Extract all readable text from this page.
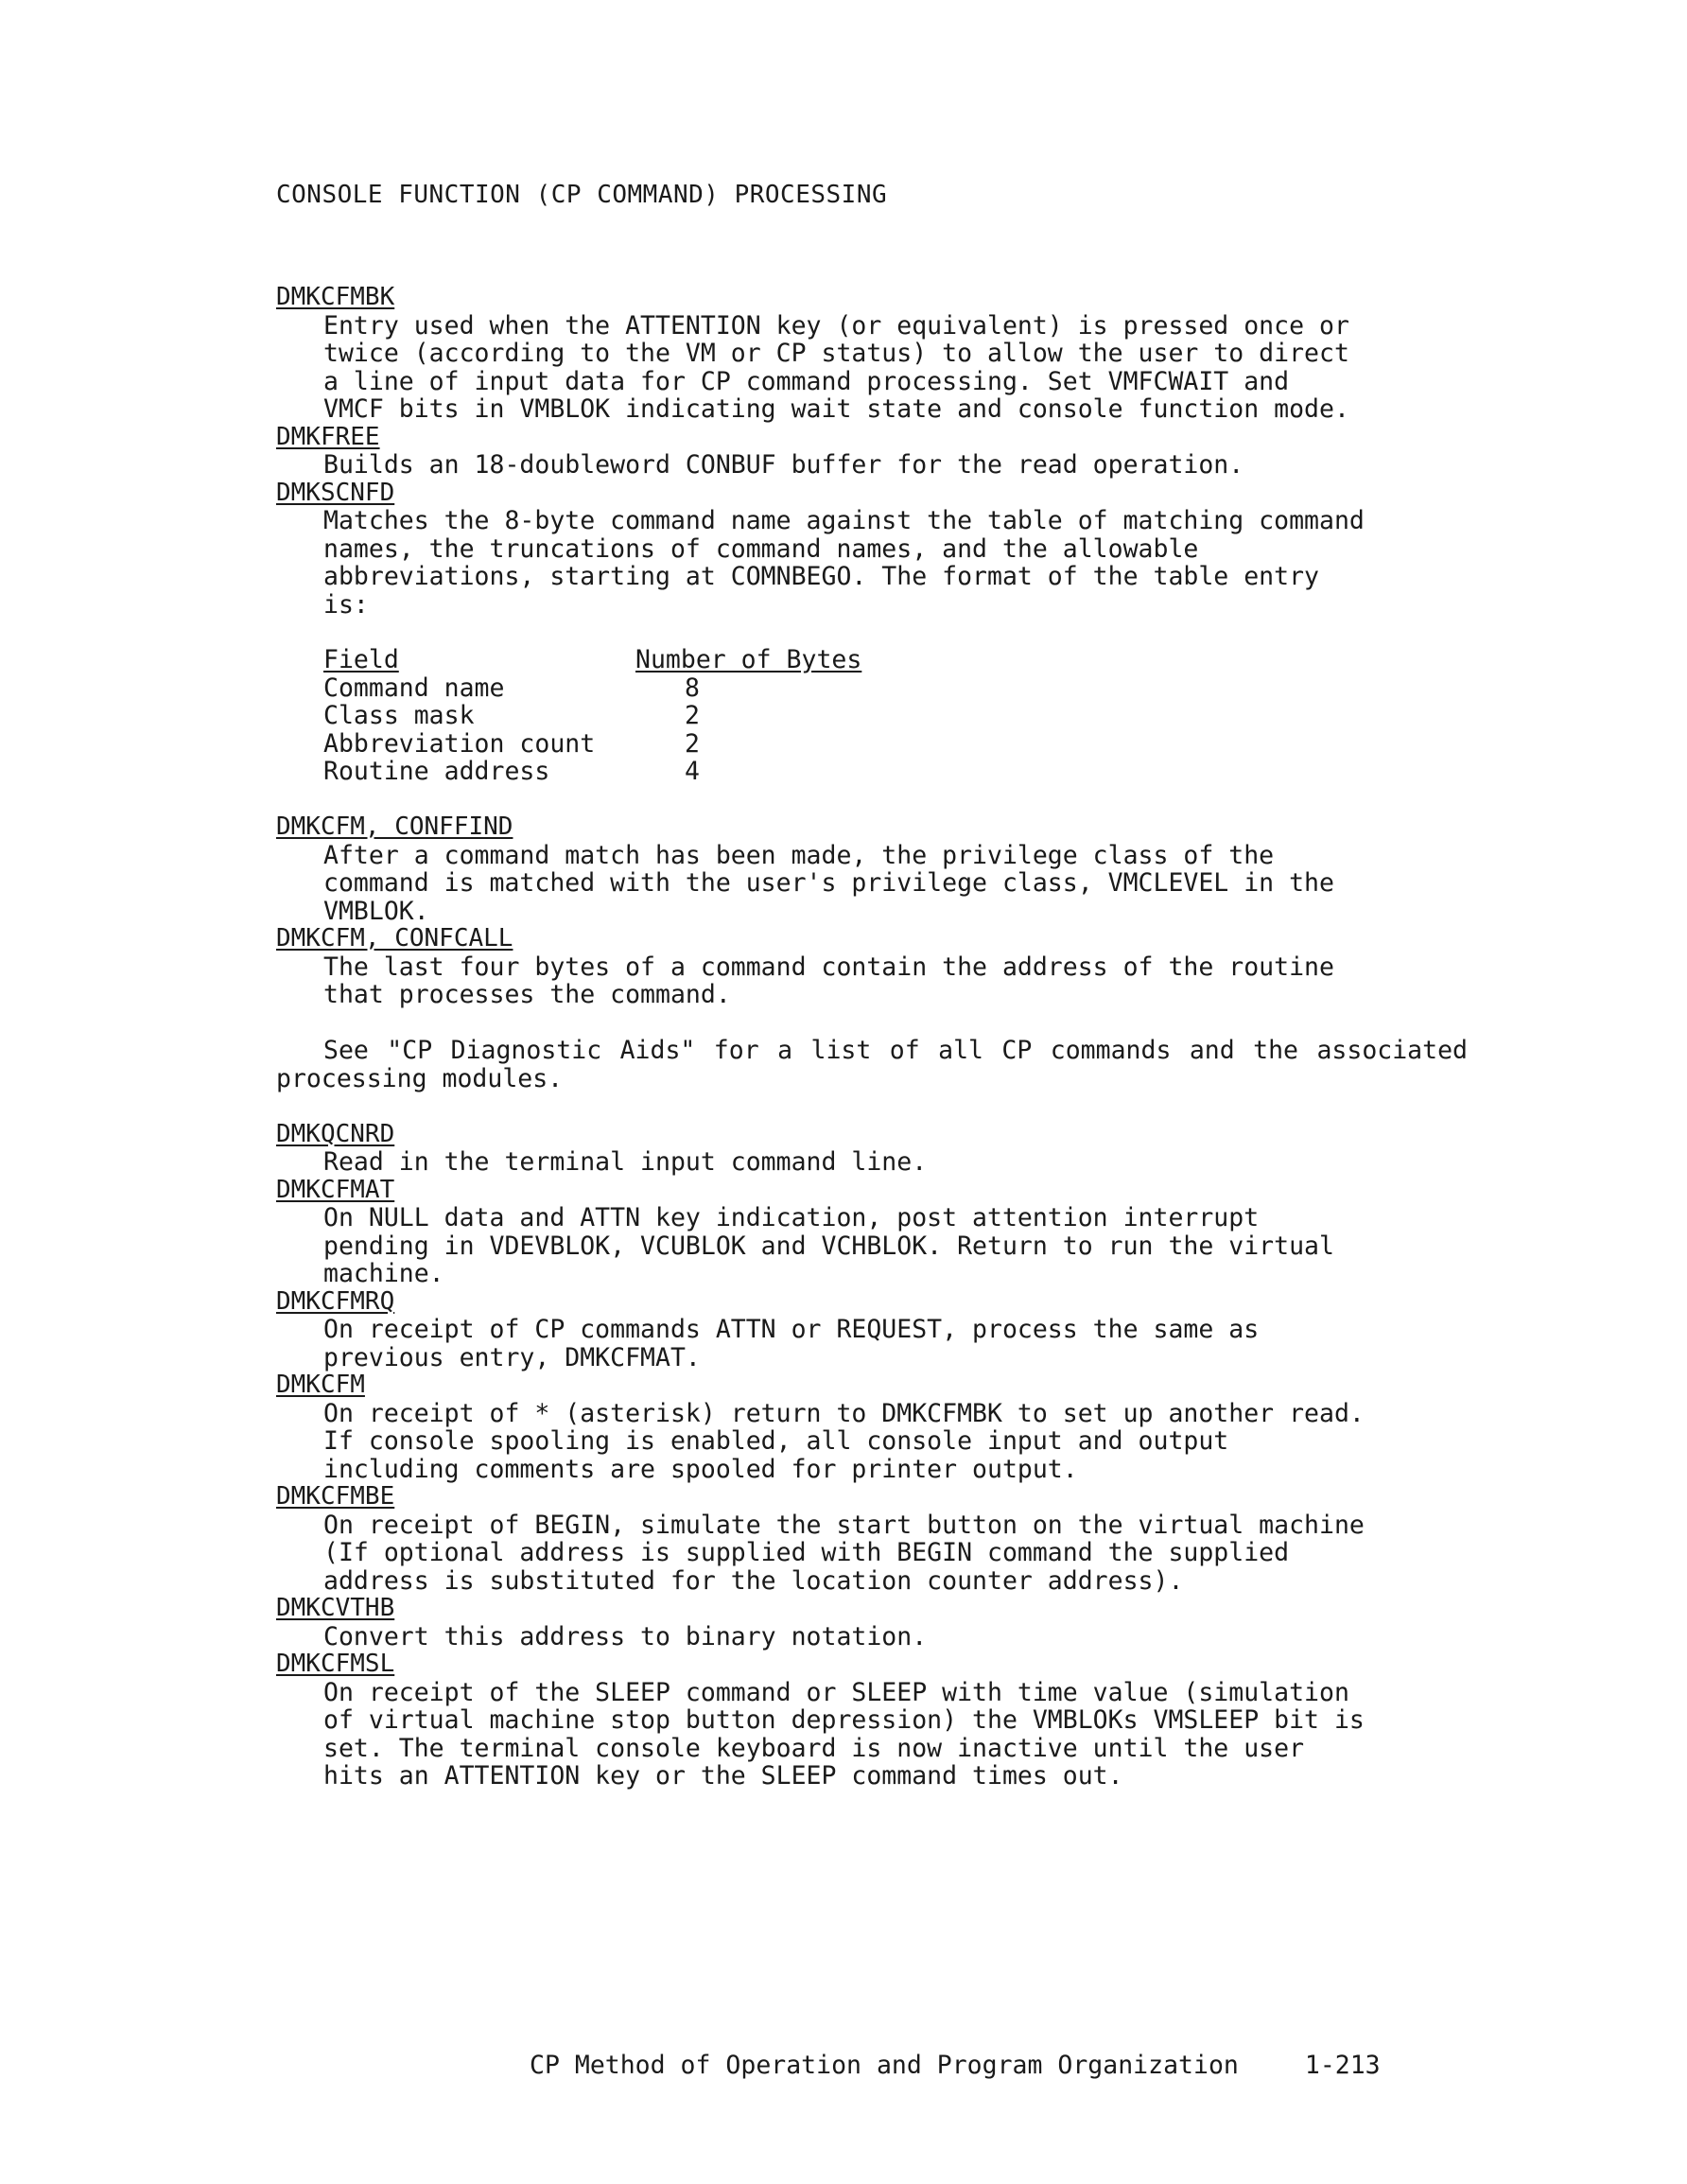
CONSOLE FUNCTION (CP COMMAND) PROCESSING
DMKCFMBK
Entry used when the ATTENTION key (or equivalent) is pressed once or
twice (according to the VM or CP status) to allow the user to direct
a line of input data for CP command processing. Set VMFCWAIT and
VMCF bits in VMBLOK indicating wait state and console function mode.
DMKFREE
Builds an 18-doubleword CONBUF buffer for the read operation.
DMKSCNFD
Matches the 8-byte command name against the table of matching command
names, the truncations of command names, and the allowable
abbreviations, starting at COMNBEGO. The format of the table entry
is:
Field	Number of Bytes
Command name	8
Class mask	2
Abbreviation count	2
Routine address	4
DMKCFM, CONFFIND
After a command match has been made, the privilege class of the
command is matched with the user's privilege class, VMCLEVEL in the
VMBLOK.
DMKCFM, CONFCALL
The last four bytes of a command contain the address of the routine
that processes the command.
See "CP Diagnostic Aids" for a list of all CP commands and the associated processing modules.
DMKQCNRD
Read in the terminal input command line.
DMKCFMAT
On NULL data and ATTN key indication, post attention interrupt
pending in VDEVBLOK, VCUBLOK and VCHBLOK. Return to run the virtual
machine.
DMKCFMRQ
On receipt of CP commands ATTN or REQUEST, process the same as
previous entry, DMKCFMAT.
DMKCFM
On receipt of * (asterisk) return to DMKCFMBK to set up another read.
If console spooling is enabled, all console input and output
including comments are spooled for printer output.
DMKCFMBE
On receipt of BEGIN, simulate the start button on the virtual machine
(If optional address is supplied with BEGIN command the supplied
address is substituted for the location counter address).
DMKCVTHB
Convert this address to binary notation.
DMKCFMSL
On receipt of the SLEEP command or SLEEP with time value (simulation
of virtual machine stop button depression) the VMBLOKs VMSLEEP bit is
set. The terminal console keyboard is now inactive until the user
hits an ATTENTION key or the SLEEP command times out.
CP Method of Operation and Program Organization	1-213
